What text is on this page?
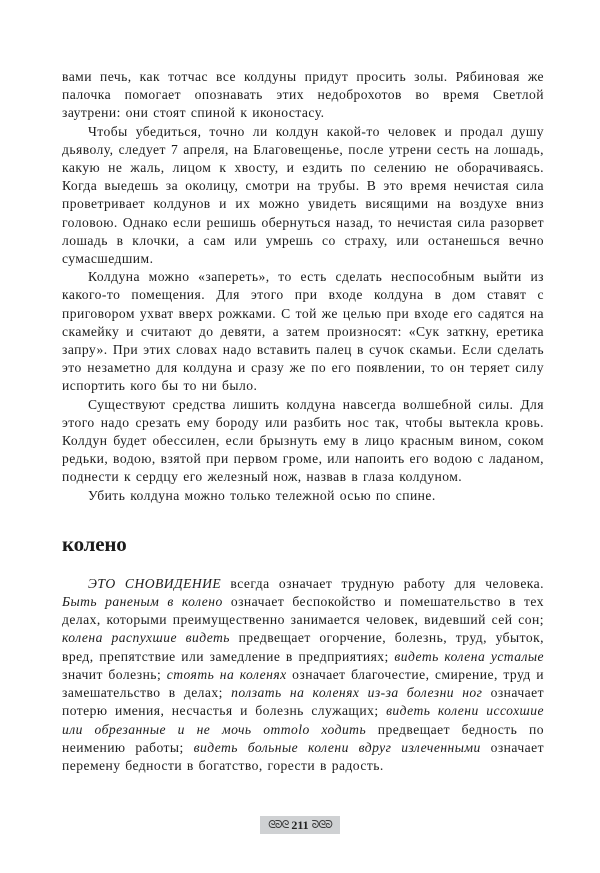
вами печь, как тотчас все колдуны придут просить золы. Рябиновая же палочка помогает опознавать этих недоброхотов во время Светлой заутрени: они стоят спиной к иконостасу.

Чтобы убедиться, точно ли колдун какой-то человек и продал душу дьяволу, следует 7 апреля, на Благовещенье, после утрени сесть на лошадь, какую не жаль, лицом к хвосту, и ездить по селению не оборачиваясь. Когда выедешь за околицу, смотри на трубы. В это время нечистая сила проветривает колдунов и их можно увидеть висящими на воздухе вниз головою. Однако если решишь обернуться назад, то нечистая сила разорвет лошадь в клочки, а сам или умрешь со страху, или останешься вечно сумасшедшим.

Колдуна можно «запереть», то есть сделать неспособным выйти из какого-то помещения. Для этого при входе колдуна в дом ставят с приговором ухват вверх рожками. С той же целью при входе его садятся на скамейку и считают до девяти, а затем произносят: «Сук заткну, еретика запру». При этих словах надо вставить палец в сучок скамьи. Если сделать это незаметно для колдуна и сразу же по его появлении, то он теряет силу испортить кого бы то ни было.

Существуют средства лишить колдуна навсегда волшебной силы. Для этого надо срезать ему бороду или разбить нос так, чтобы вытекла кровь. Колдун будет обессилен, если брызнуть ему в лицо красным вином, соком редьки, водою, взятой при первом громе, или напоить его водою с ладаном, поднести к сердцу его железный нож, назвав в глаза колдуном.

Убить колдуна можно только тележной осью по спине.

колено

ЭТО СНОВИДЕНИЕ всегда означает трудную работу для человека. Быть раненым в колено означает беспокойство и помешательство в тех делах, которыми преимущественно занимается человек, видевший сей сон; колена распухшие видеть предвещает огорчение, болезнь, труд, убыток, вред, препятствие или замедление в предприятиях; видеть колена усталые значит болезнь; стоять на коленях означает благочестие, смирение, труд и замешательство в делах; ползать на коленях из-за болезни ног означает потерю имения, несчастья и болезнь служащих; видеть колени иссохшие или обрезанные и не мочь оттоlo ходить предвещает бедность по неимению работы; видеть больные колени вдруг излеченными означает перемену бедности в богатство, горести в радость.

ᘓᘐᘓ 211 ᘐᘓᘐ
